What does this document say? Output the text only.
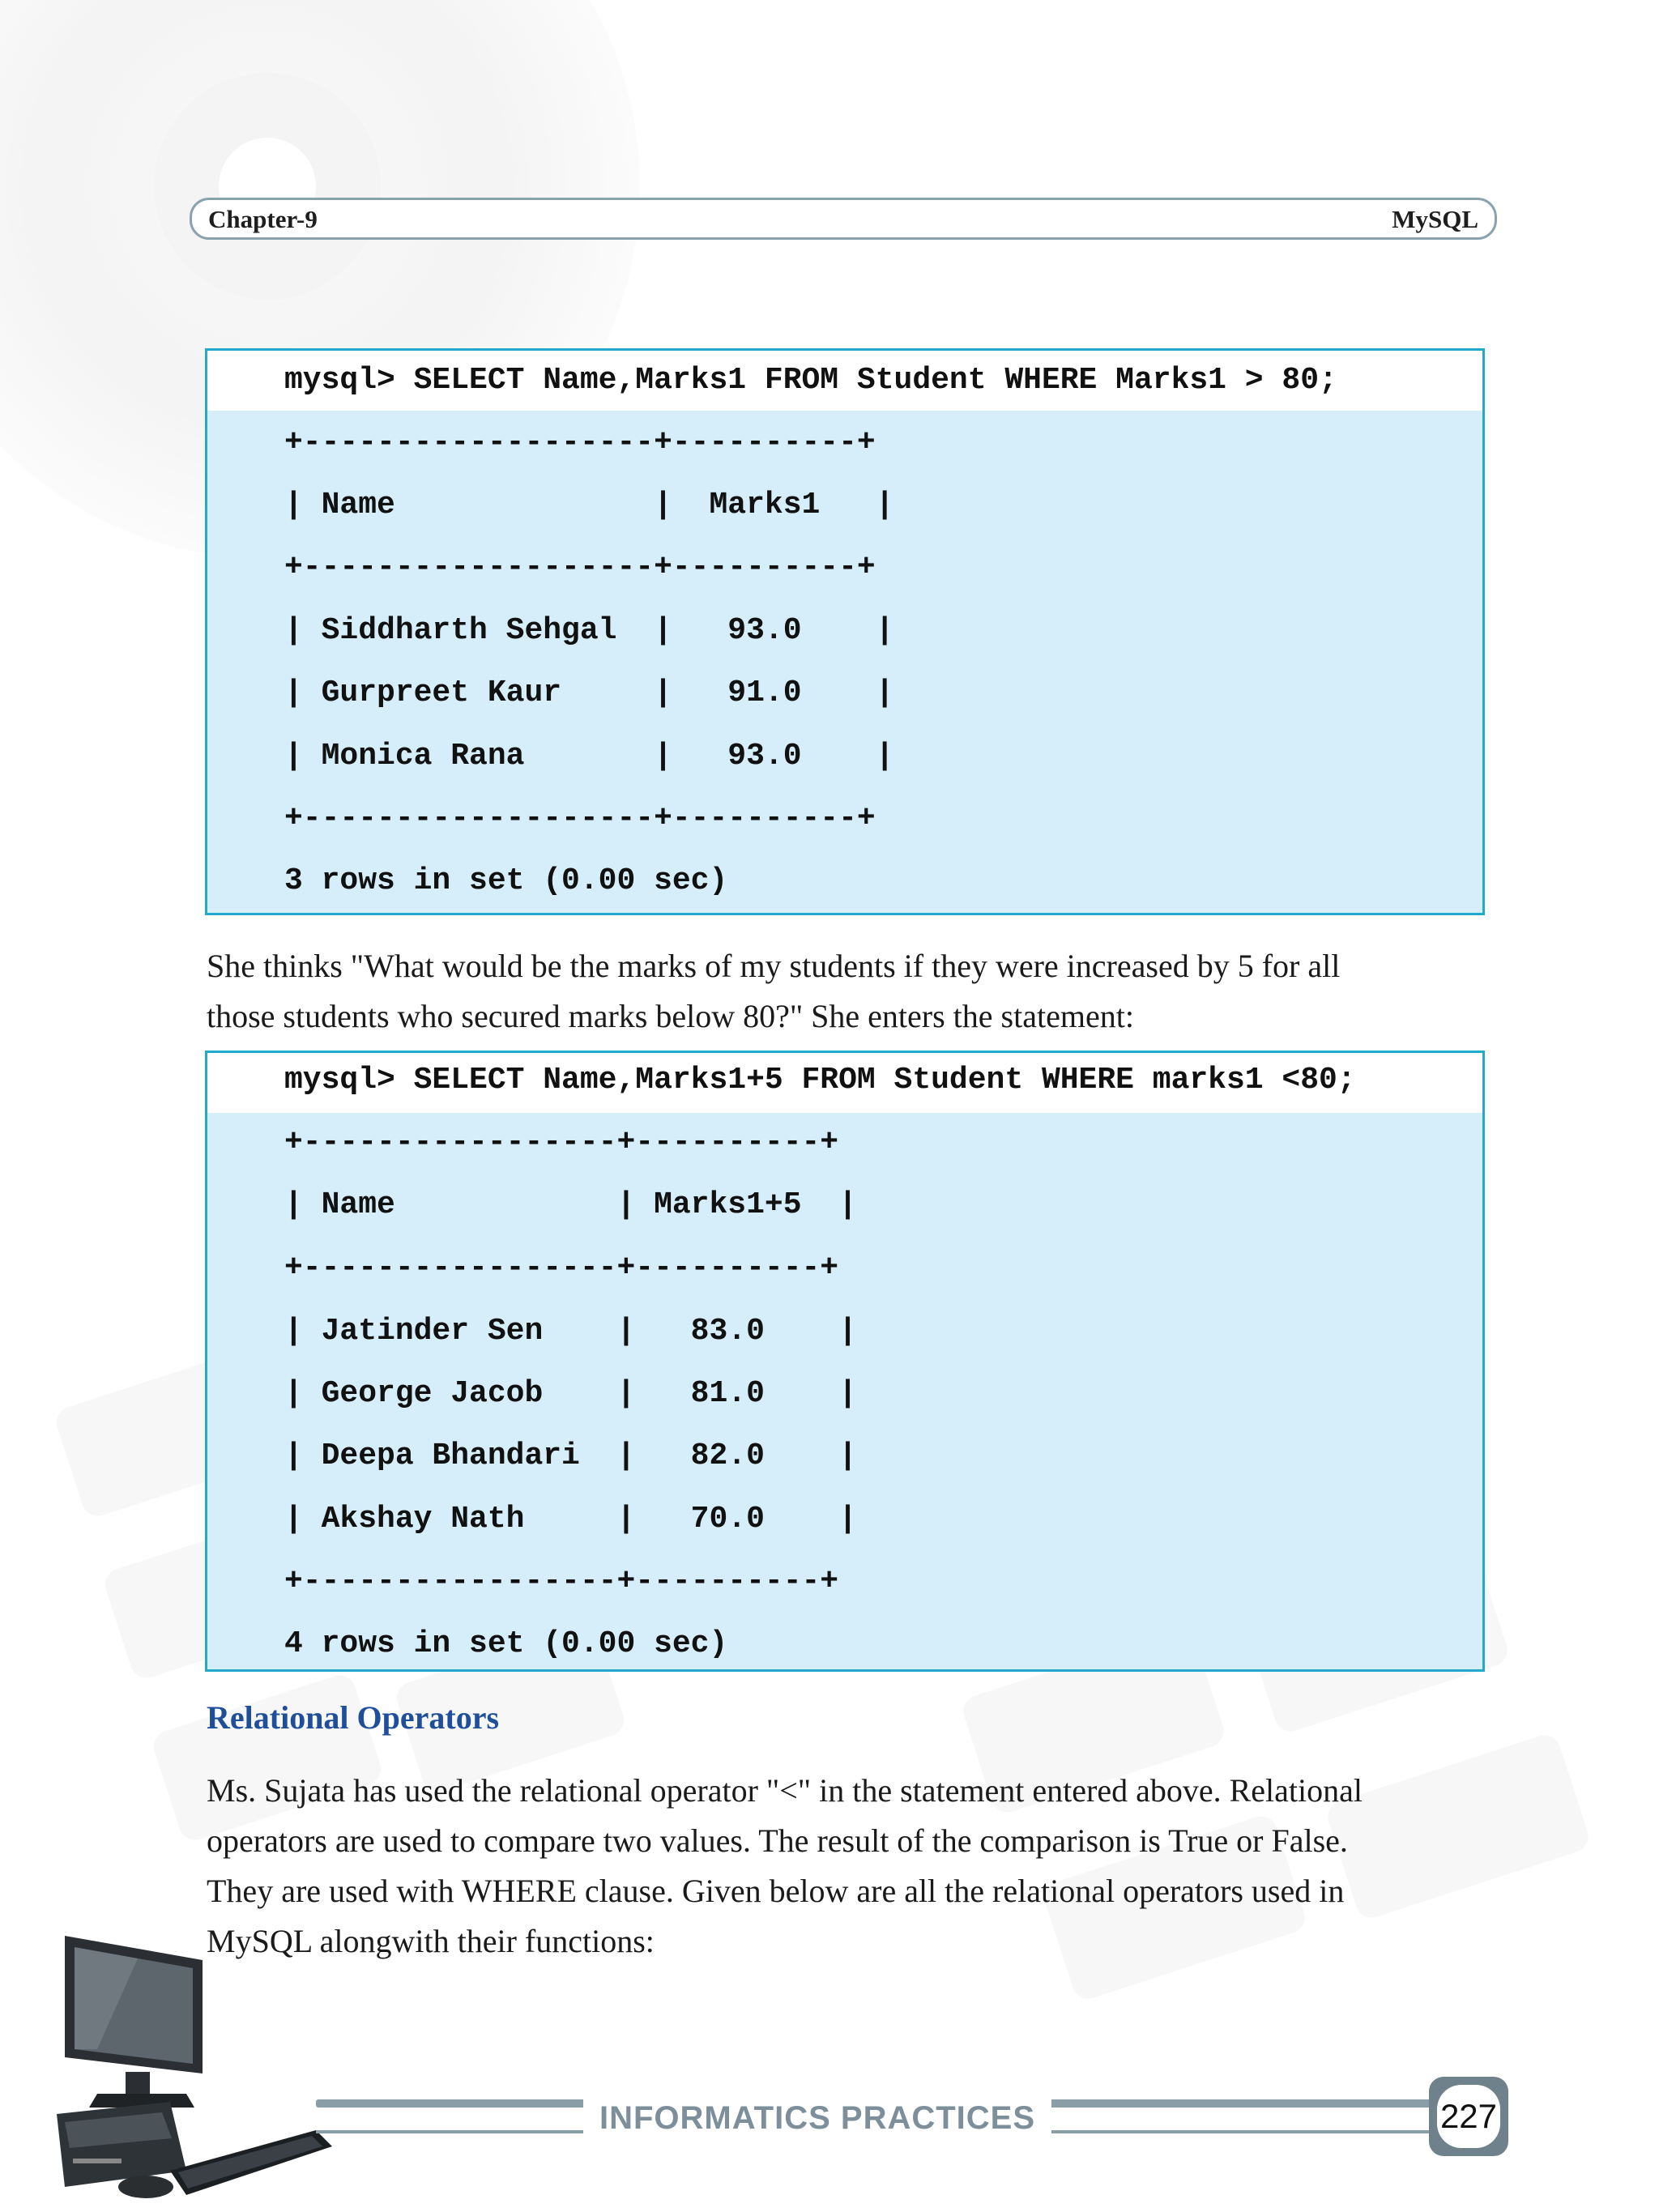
Chapter-9	MySQL
mysql> SELECT Name,Marks1 FROM Student WHERE Marks1 > 80;
+-------------------+----------+
| Name              |  Marks1   |
+-------------------+----------+
| Siddharth Sehgal  |   93.0    |
| Gurpreet Kaur     |   91.0    |
| Monica Rana       |   93.0    |
+-------------------+----------+
3 rows in set (0.00 sec)
She thinks "What would be the marks of my students if they were increased by 5 for all
those students who secured marks below 80?" She enters the statement:
mysql> SELECT Name,Marks1+5 FROM Student WHERE marks1 <80;
+-----------------+----------+
| Name            | Marks1+5  |
+-----------------+----------+
| Jatinder Sen    |   83.0    |
| George Jacob    |   81.0    |
| Deepa Bhandari  |   82.0    |
| Akshay Nath     |   70.0    |
+-----------------+----------+
4 rows in set (0.00 sec)
Relational Operators
Ms. Sujata has used the relational operator "<" in the statement entered above. Relational
operators are used to compare two values. The result of the comparison is True or False.
They are used with WHERE clause. Given below are all the relational operators used in
MySQL alongwith their functions:
INFORMATICS PRACTICES	227
